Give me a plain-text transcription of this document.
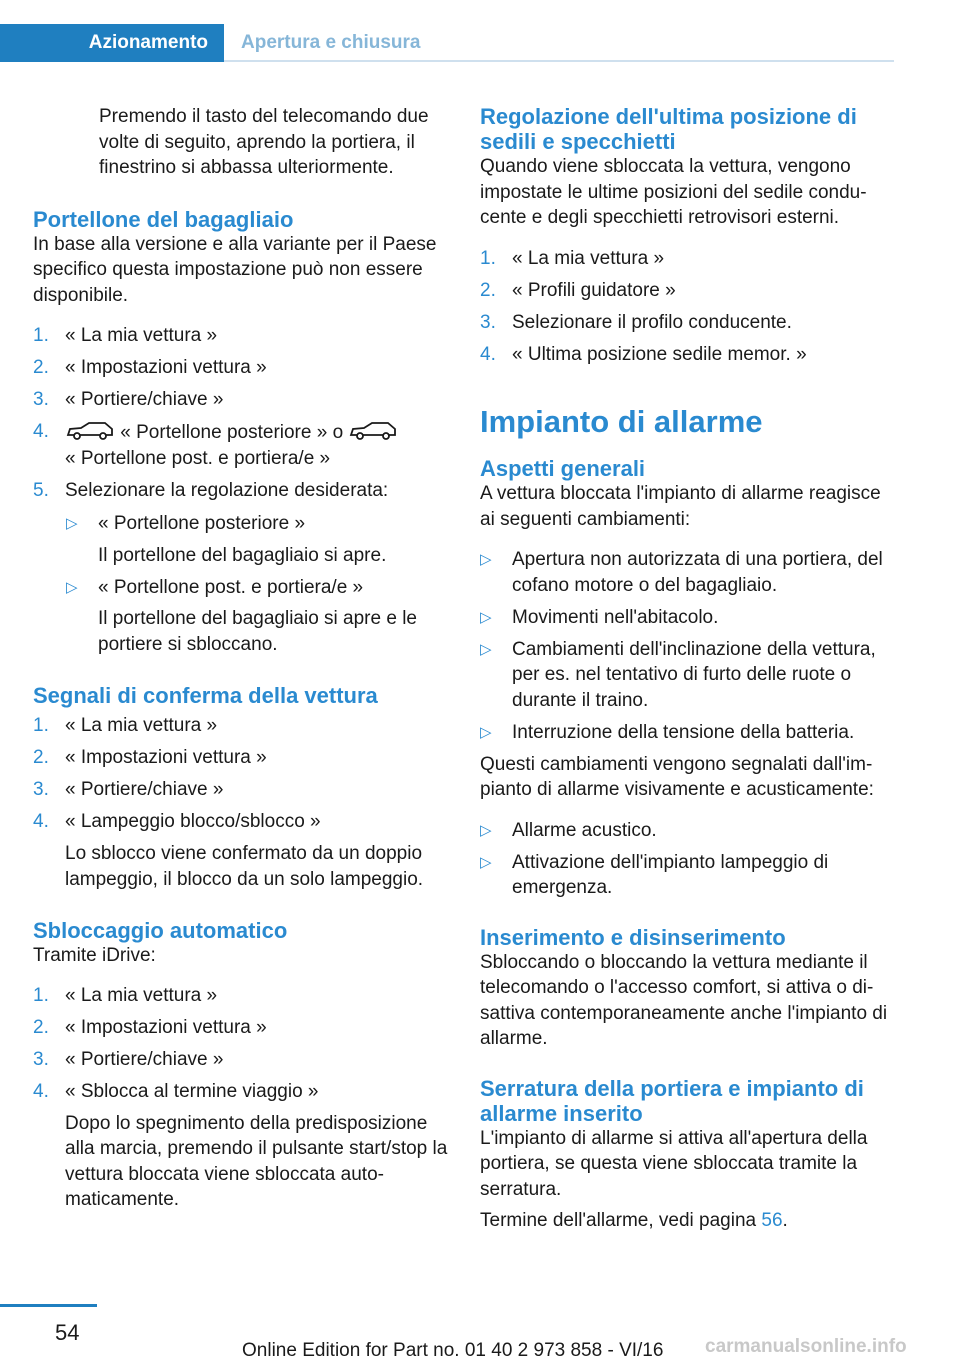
Azionamento Apertura e chiusura

Premendo il tasto del telecomando due volte di seguito, aprendo la portiera, il finestrino si abbassa ulteriormente.

Portellone del bagagliaio

In base alla versione e alla variante per il Paese specifico questa impostazione può non essere disponibile.

1. « La mia vettura »
2. « Impostazioni vettura »
3. « Portiere/chiave »
4.	« Portellone posteriore » o
« Portellone post. e portiera/e »
5. Selezionare la regolazione desiderata:
▷ « Portellone posteriore »

Il portellone del bagagliaio si apre.

▷ « Portellone post. e portiera/e »

Il portellone del bagagliaio si apre e le portiere si sbloccano.

Segnali di conferma della vettura
1. « La mia vettura »
2. « Impostazioni vettura »
3. « Portiere/chiave »
4. « Lampeggio blocco/sblocco »

Lo sblocco viene confermato da un doppio lampeggio, il blocco da un solo lampeggio.

Sbloccaggio automatico

Tramite iDrive:

1. « La mia vettura »
2. « Impostazioni vettura »
3. « Portiere/chiave »
4. « Sblocca al termine viaggio »

Dopo lo spegnimento della predisposizione alla marcia, premendo il pulsante start/stop la vettura bloccata viene sbloccata automaticamente.

Regolazione dell'ultima posizione di sedili e specchietti

Quando viene sbloccata la vettura, vengono impostate le ultime posizioni del sedile conducente e degli specchietti retrovisori esterni.

1. « La mia vettura »
2. « Profili guidatore »
3. Selezionare il profilo conducente.
4. « Ultima posizione sedile memor. »
Impianto di allarme
Aspetti generali

A vettura bloccata l'impianto di allarme reagisce ai seguenti cambiamenti:

▷ Apertura non autorizzata di una portiera, del cofano motore o del bagagliaio.
▷ Movimenti nell'abitacolo.
▷ Cambiamenti dell'inclinazione della vettura, per es. nel tentativo di furto delle ruote o durante il traino.
▷ Interruzione della tensione della batteria.

Questi cambiamenti vengono segnalati dall'impianto di allarme visivamente e acusticamente:

▷ Allarme acustico.
▷ Attivazione dell'impianto lampeggio di emergenza.
Inserimento e disinserimento

Sbloccando o bloccando la vettura mediante il telecomando o l'accesso comfort, si attiva o disattiva contemporaneamente anche l'impianto di allarme.

Serratura della portiera e impianto di allarme inserito

L'impianto di allarme si attiva all'apertura della portiera, se questa viene sbloccata tramite la serratura.

Termine dell'allarme, vedi pagina 56.

54
Online Edition for Part no. 01 40 2 973 858 - VI/16 carmanualsonline.info
